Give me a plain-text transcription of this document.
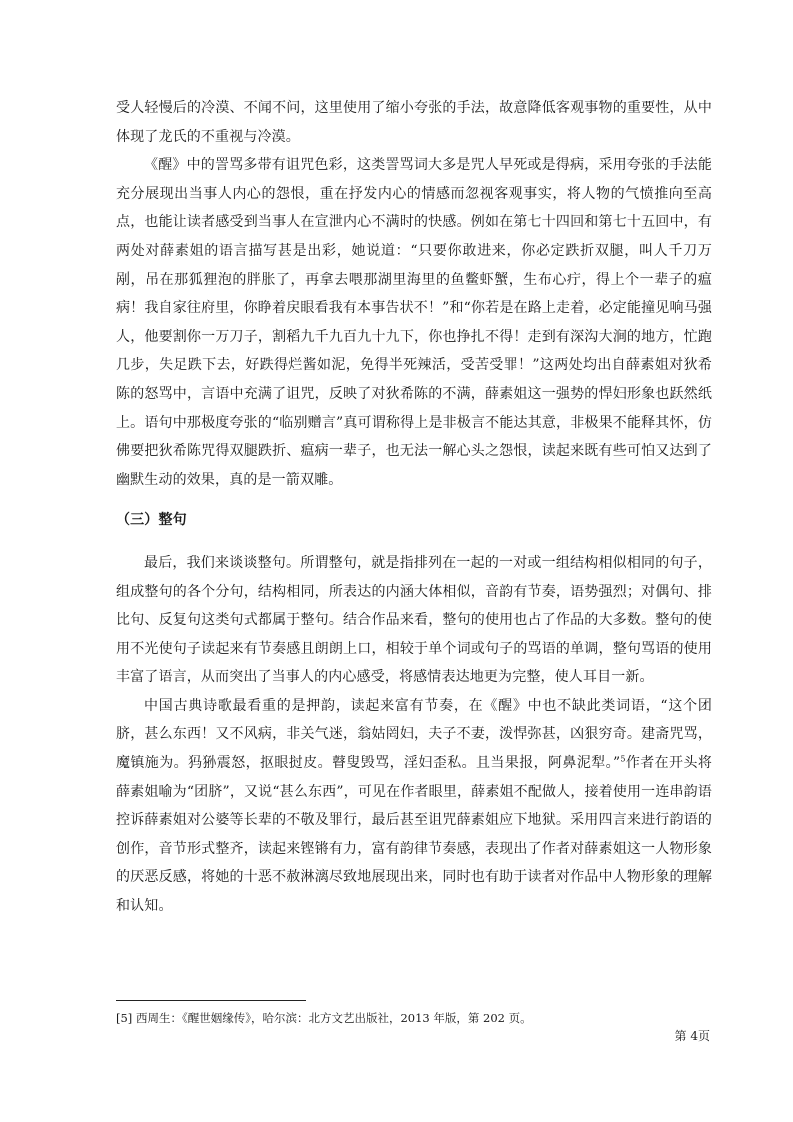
受人轻慢后的冷漠、不闻不问，这里使用了缩小夸张的手法，故意降低客观事物的重要性，从中体现了龙氏的不重视与冷漠。

《醒》中的詈骂多带有诅咒色彩，这类詈骂词大多是咒人早死或是得病，采用夸张的手法能充分展现出当事人内心的怨恨，重在抒发内心的情感而忽视客观事实，将人物的气愤推向至高点，也能让读者感受到当事人在宣泄内心不满时的快感。例如在第七十四回和第七十五回中，有两处对薛素姐的语言描写甚是出彩，她说道：“只要你敢进来，你必定跌折双腿，叫人千刀万剐，吊在那狐狸泡的胖胀了，再拿去喂那湖里海里的鱼鳖虾蟹，生布心疔，得上个一辈子的瘟病！我自家往府里，你睁着戻眼看我有本事告状不！”和“你若是在路上走着，必定能撞见响马强人，他要割你一万刀子，割稻九千九百九十九下，你也挣扎不得！走到有深沟大涧的地方，忙跑几步，失足跌下去，好跌得烂酱如泥，免得半死辣活，受苦受罪！”这两处均出自薛素姐对狄希陈的怒骂中，言语中充满了诅咒，反映了对狄希陈的不满，薛素姐这一强势的悍妇形象也跃然纸上。语句中那极度夸张的“临别赠言”真可谓称得上是非极言不能达其意，非极果不能释其怀，仿佛要把狄希陈咒得双腿跌折、瘟病一辈子，也无法一解心头之怨恨，读起来既有些可怕又达到了幽默生动的效果，真的是一箭双雕。

（三）整句

最后，我们来谈谈整句。所谓整句，就是指排列在一起的一对或一组结构相似相同的句子，组成整句的各个分句，结构相同，所表达的内涵大体相似，音韵有节奏，语势强烈；对偶句、排比句、反复句这类句式都属于整句。结合作品来看，整句的使用也占了作品的大多数。整句的使用不光使句子读起来有节奏感且朗朗上口，相较于单个词或句子的骂语的单调，整句骂语的使用丰富了语言，从而突出了当事人的内心感受，将感情表达地更为完整，使人耳目一新。

中国古典诗歌最看重的是押韵，读起来富有节奏，在《醒》中也不缺此类词语，“这个团脐，甚么东西！又不风病，非关气迷，翁姑罔妇，夫子不妻，泼悍弥甚，凶狠穷奇。建斋咒骂，魔镇施为。犸狲震怒，抠眼挝皮。瞽叟毁骂，淫妇歪私。且当果报，阿鼻泥犁。”$^5$作者在开头将薛素姐喻为“团脐”，又说“甚么东西”，可见在作者眼里，薛素姐不配做人，接着使用一连串韵语控诉薛素姐对公婆等长辈的不敬及罪行，最后甚至诅咒薛素姐应下地狱。采用四言来进行韵语的创作，音节形式整齐，读起来铿锵有力，富有韵律节奏感，表现出了作者对薛素姐这一人物形象的厌恶反感，将她的十恶不赦淋漓尽致地展现出来，同时也有助于读者对作品中人物形象的理解和认知。

[5] 西周生：《醒世姻缘传》，哈尔滨：北方文艺出版社，2013 年版，第 202 页。
第 4页
